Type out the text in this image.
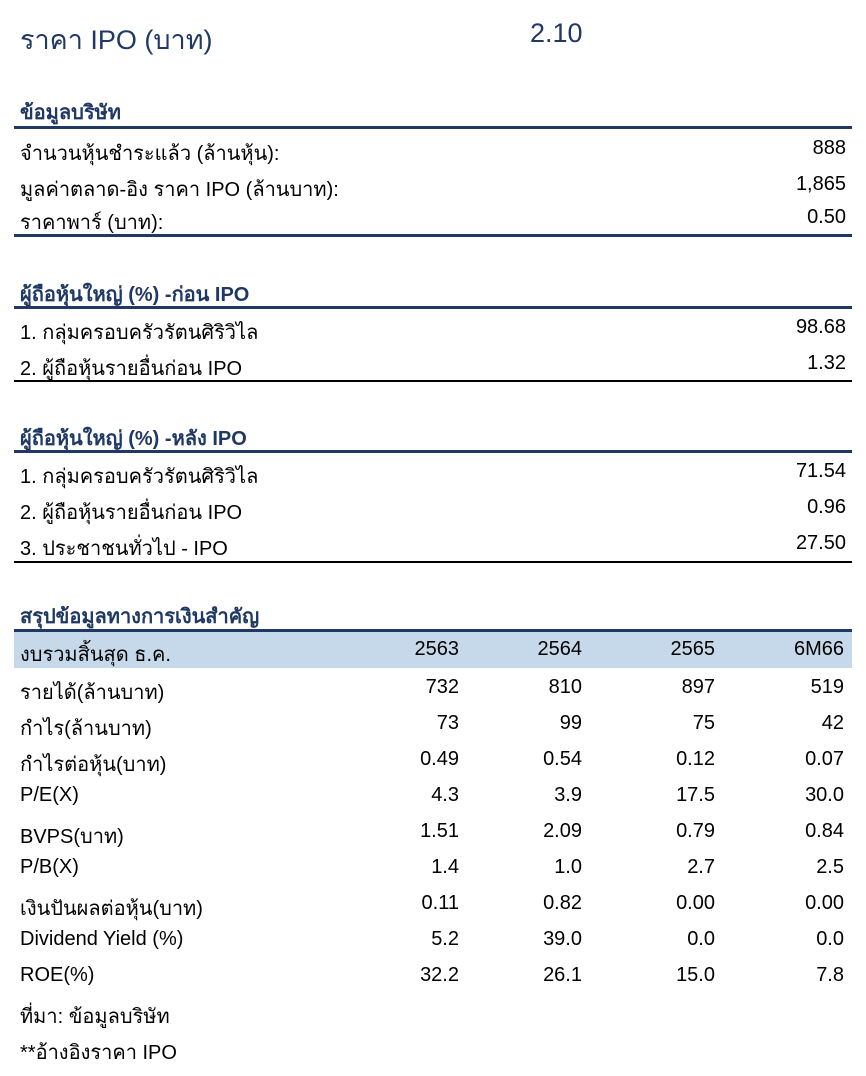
ราคา IPO (บาท)	2.10
ข้อมูลบริษัท
จำนวนหุ้นชำระแล้ว (ล้านหุ้น):	888
มูลค่าตลาด-อิง ราคา IPO (ล้านบาท):	1,865
ราคาพาร์ (บาท):	0.50
ผู้ถือหุ้นใหญ่ (%) -ก่อน IPO
1. กลุ่มครอบครัวรัตนศิริวิไล	98.68
2. ผู้ถือหุ้นรายอื่นก่อน IPO	1.32
ผู้ถือหุ้นใหญ่ (%) -หลัง IPO
1. กลุ่มครอบครัวรัตนศิริวิไล	71.54
2. ผู้ถือหุ้นรายอื่นก่อน IPO	0.96
3. ประชาชนทั่วไป - IPO	27.50
สรุปข้อมูลทางการเงินสำคัญ
งบรวมสิ้นสุด ธ.ค.	2563	2564	2565	6M66
รายได้(ล้านบาท)	732	810	897	519
กำไร(ล้านบาท)	73	99	75	42
กำไรต่อหุ้น(บาท)	0.49	0.54	0.12	0.07
P/E(X)	4.3	3.9	17.5	30.0
BVPS(บาท)	1.51	2.09	0.79	0.84
P/B(X)	1.4	1.0	2.7	2.5
เงินปันผลต่อหุ้น(บาท)	0.11	0.82	0.00	0.00
Dividend Yield (%)	5.2	39.0	0.0	0.0
ROE(%)	32.2	26.1	15.0	7.8
ที่มา: ข้อมูลบริษัท
**อ้างอิงราคา IPO
